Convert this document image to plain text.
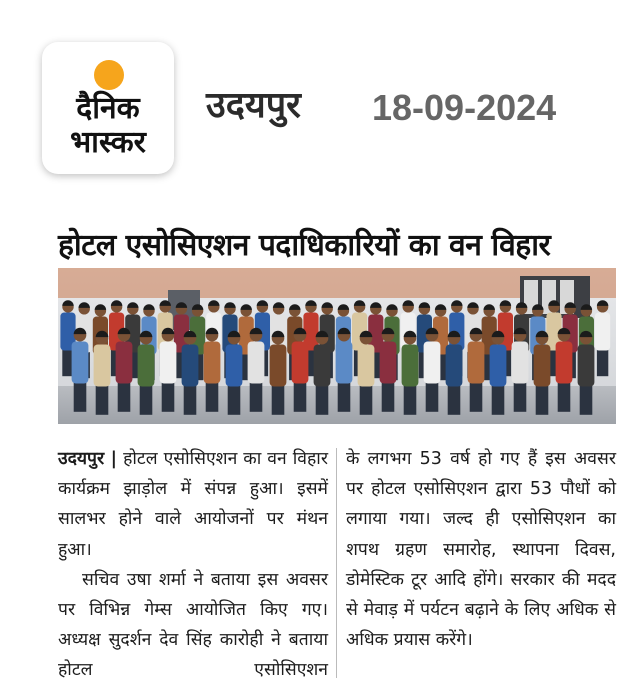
दैनिक
भास्कर
उदयपुर 18-09-2024
होटल एसोसिएशन पदाधिकारियों का वन विहार

उदयपुर | होटल एसोसिएशन का वन विहार कार्यक्रम झाड़ोल में संपन्न हुआ। इसमें सालभर होने वाले आयोजनों पर मंथन हुआ।

सचिव उषा शर्मा ने बताया इस अवसर पर विभिन्न गेम्स आयोजित किए गए। अध्यक्ष सुदर्शन देव सिंह कारोही ने बताया होटल एसोसिएशन

के लगभग 53 वर्ष हो गए हैं इस अवसर पर होटल एसोसिएशन द्वारा 53 पौधों को लगाया गया। जल्द ही एसोसिएशन का शपथ ग्रहण समारोह, स्थापना दिवस, डोमेस्टिक टूर आदि होंगे। सरकार की मदद से मेवाड़ में पर्यटन बढ़ाने के लिए अधिक से अधिक प्रयास करेंगे।
